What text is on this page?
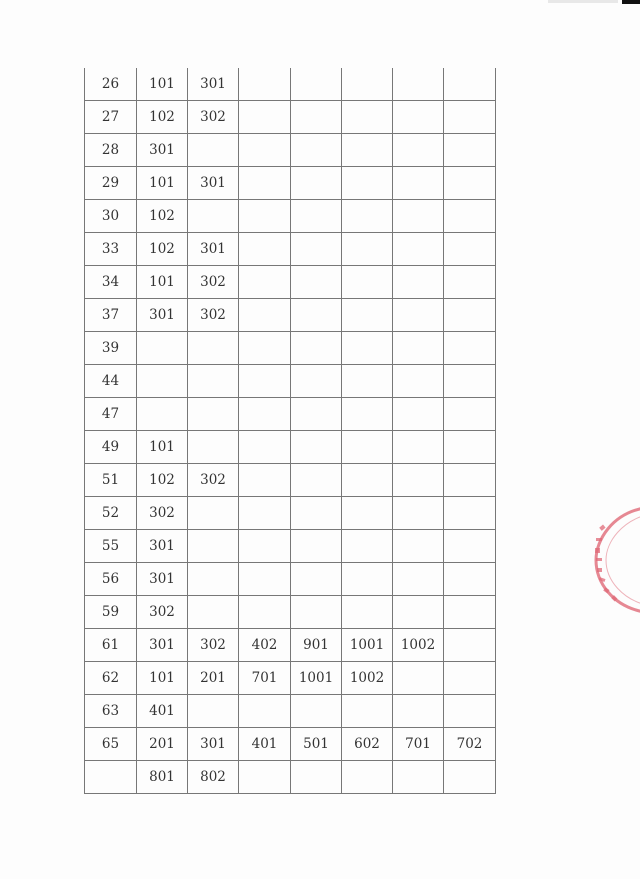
26	101	301					
27	102	302					
28	301						
29	101	301					
30	102						
33	102	301					
34	101	302					
37	301	302					
39							
44							
47							
49	101						
51	102	302					
52	302						
55	301						
56	301						
59	302						
61	301	302	402	901	1001	1002	
62	101	201	701	1001	1002		
63	401						
65	201	301	401	501	602	701	702
	801	802					
